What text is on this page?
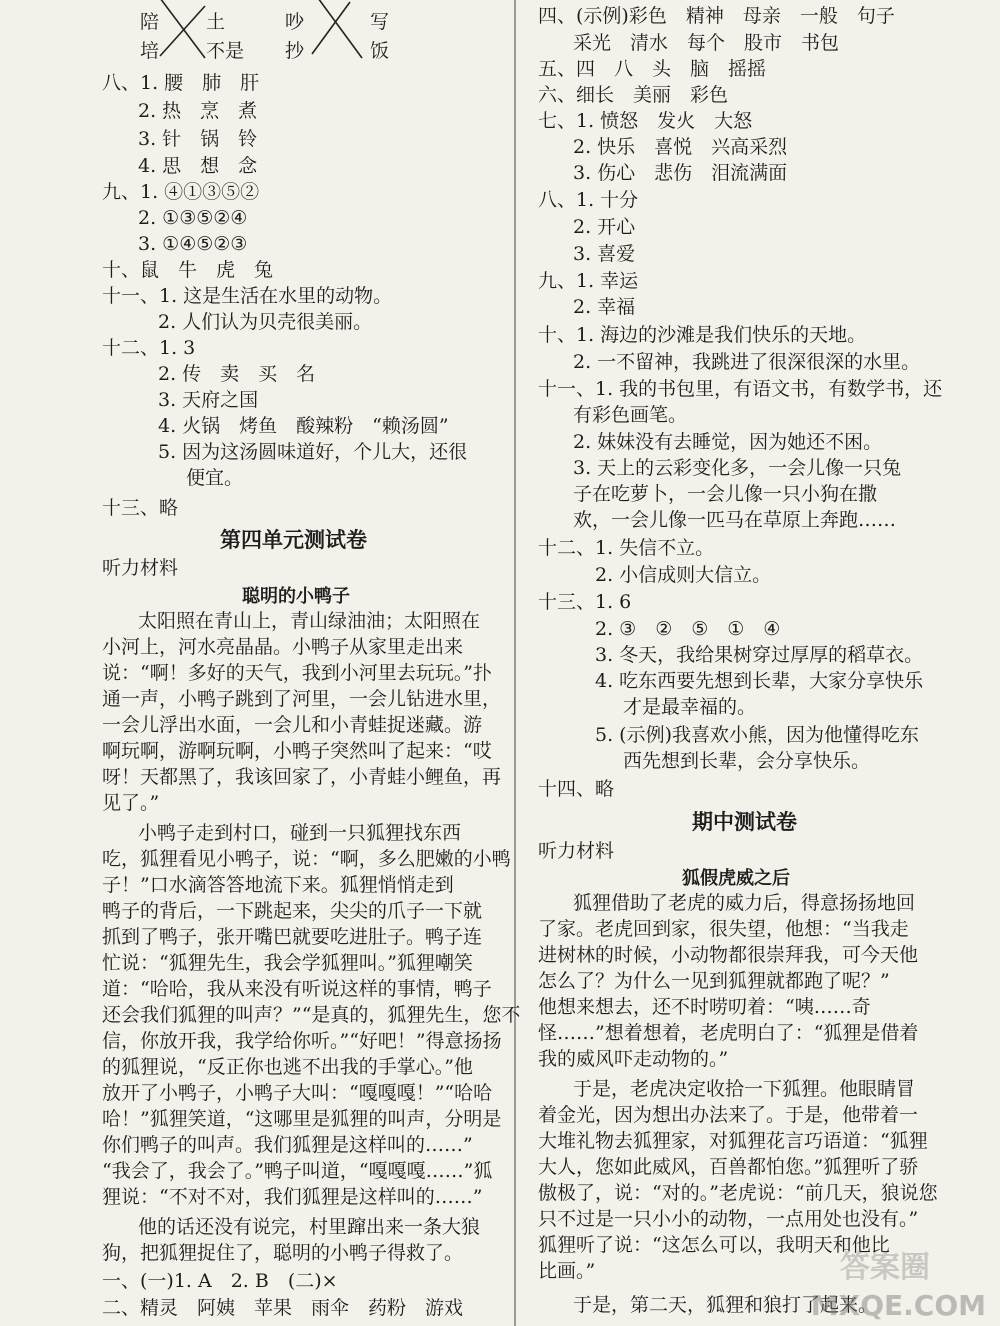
陪 土
培 不是
吵	写
抄	饭
八、1. 腰　肺　肝
2. 热　烹　煮
3. 针　锅　铃
4. 思　想　念
九、1. ④①③⑤②
2. ①③⑤②④
3. ①④⑤②③
十、鼠　牛　虎　兔
十一、1. 这是生活在水里的动物。
2. 人们认为贝壳很美丽。
十二、1. 3
2. 传　卖　买　名
3. 天府之国
4. 火锅　烤鱼　酸辣粉　“赖汤圆”
5. 因为这汤圆味道好，个儿大，还很
便宜。
十三、略
第四单元测试卷
听力材料
聪明的小鸭子
太阳照在青山上，青山绿油油；太阳照在
小河上，河水亮晶晶。小鸭子从家里走出来
说：“啊！多好的天气，我到小河里去玩玩。”扑
通一声，小鸭子跳到了河里，一会儿钻进水里，
一会儿浮出水面，一会儿和小青蛙捉迷藏。游
啊玩啊，游啊玩啊，小鸭子突然叫了起来：“哎
呀！天都黑了，我该回家了，小青蛙小鲤鱼，再
见了。”
小鸭子走到村口，碰到一只狐狸找东西
吃，狐狸看见小鸭子，说：“啊，多么肥嫩的小鸭
子！”口水滴答答地流下来。狐狸悄悄走到
鸭子的背后，一下跳起来，尖尖的爪子一下就
抓到了鸭子，张开嘴巴就要吃进肚子。鸭子连
忙说：“狐狸先生，我会学狐狸叫。”狐狸嘲笑
道：“哈哈，我从来没有听说这样的事情，鸭子
还会我们狐狸的叫声？”“是真的，狐狸先生，您不
信，你放开我，我学给你听。”“好吧！”得意扬扬
的狐狸说，“反正你也逃不出我的手掌心。”他
放开了小鸭子，小鸭子大叫：“嘎嘎嘎！”“哈哈
哈！”狐狸笑道，“这哪里是狐狸的叫声，分明是
你们鸭子的叫声。我们狐狸是这样叫的……”
“我会了，我会了。”鸭子叫道，“嘎嘎嘎……”狐
狸说：“不对不对，我们狐狸是这样叫的……”
他的话还没有说完，村里蹿出来一条大狼
狗，把狐狸捉住了，聪明的小鸭子得救了。
一、(一)1. A　2. B　(二)×
二、精灵　阿姨　苹果　雨伞　药粉　游戏
四、(示例)彩色　精神　母亲　一般　句子
采光　清水　每个　股市　书包
五、四　八　头　脑　摇摇
六、细长　美丽　彩色
七、1. 愤怒　发火　大怒
2. 快乐　喜悦　兴高采烈
3. 伤心　悲伤　泪流满面
八、1. 十分
2. 开心
3. 喜爱
九、1. 幸运
2. 幸福
十、1. 海边的沙滩是我们快乐的天地。
2. 一不留神，我跳进了很深很深的水里。
十一、1. 我的书包里，有语文书，有数学书，还
有彩色画笔。
2. 妹妹没有去睡觉，因为她还不困。
3. 天上的云彩变化多，一会儿像一只兔
子在吃萝卜，一会儿像一只小狗在撒
欢，一会儿像一匹马在草原上奔跑……
十二、1. 失信不立。
2. 小信成则大信立。
十三、1. 6
2. ③　②　⑤　①　④
3. 冬天，我给果树穿过厚厚的稻草衣。
4. 吃东西要先想到长辈，大家分享快乐
才是最幸福的。
5. (示例)我喜欢小熊，因为他懂得吃东
西先想到长辈，会分享快乐。
十四、略
期中测试卷
听力材料
狐假虎威之后
狐狸借助了老虎的威力后，得意扬扬地回
了家。老虎回到家，很失望，他想：“当我走
进树林的时候，小动物都很崇拜我，可今天他
怎么了？为什么一见到狐狸就都跑了呢？”
他想来想去，还不时唠叨着：“咦……奇
怪……”想着想着，老虎明白了：“狐狸是借着
我的威风吓走动物的。”
于是，老虎决定收拾一下狐狸。他眼睛冒
着金光，因为想出办法来了。于是，他带着一
大堆礼物去狐狸家，对狐狸花言巧语道：“狐狸
大人，您如此威风，百兽都怕您。”狐狸听了骄
傲极了，说：“对的。”老虎说：“前几天，狼说您
只不过是一只小小的动物，一点用处也没有。”
狐狸听了说：“这怎么可以，我明天和他比
比画。”
于是，第二天，狐狸和狼打了起来。
答案圈
MXQE.COM
